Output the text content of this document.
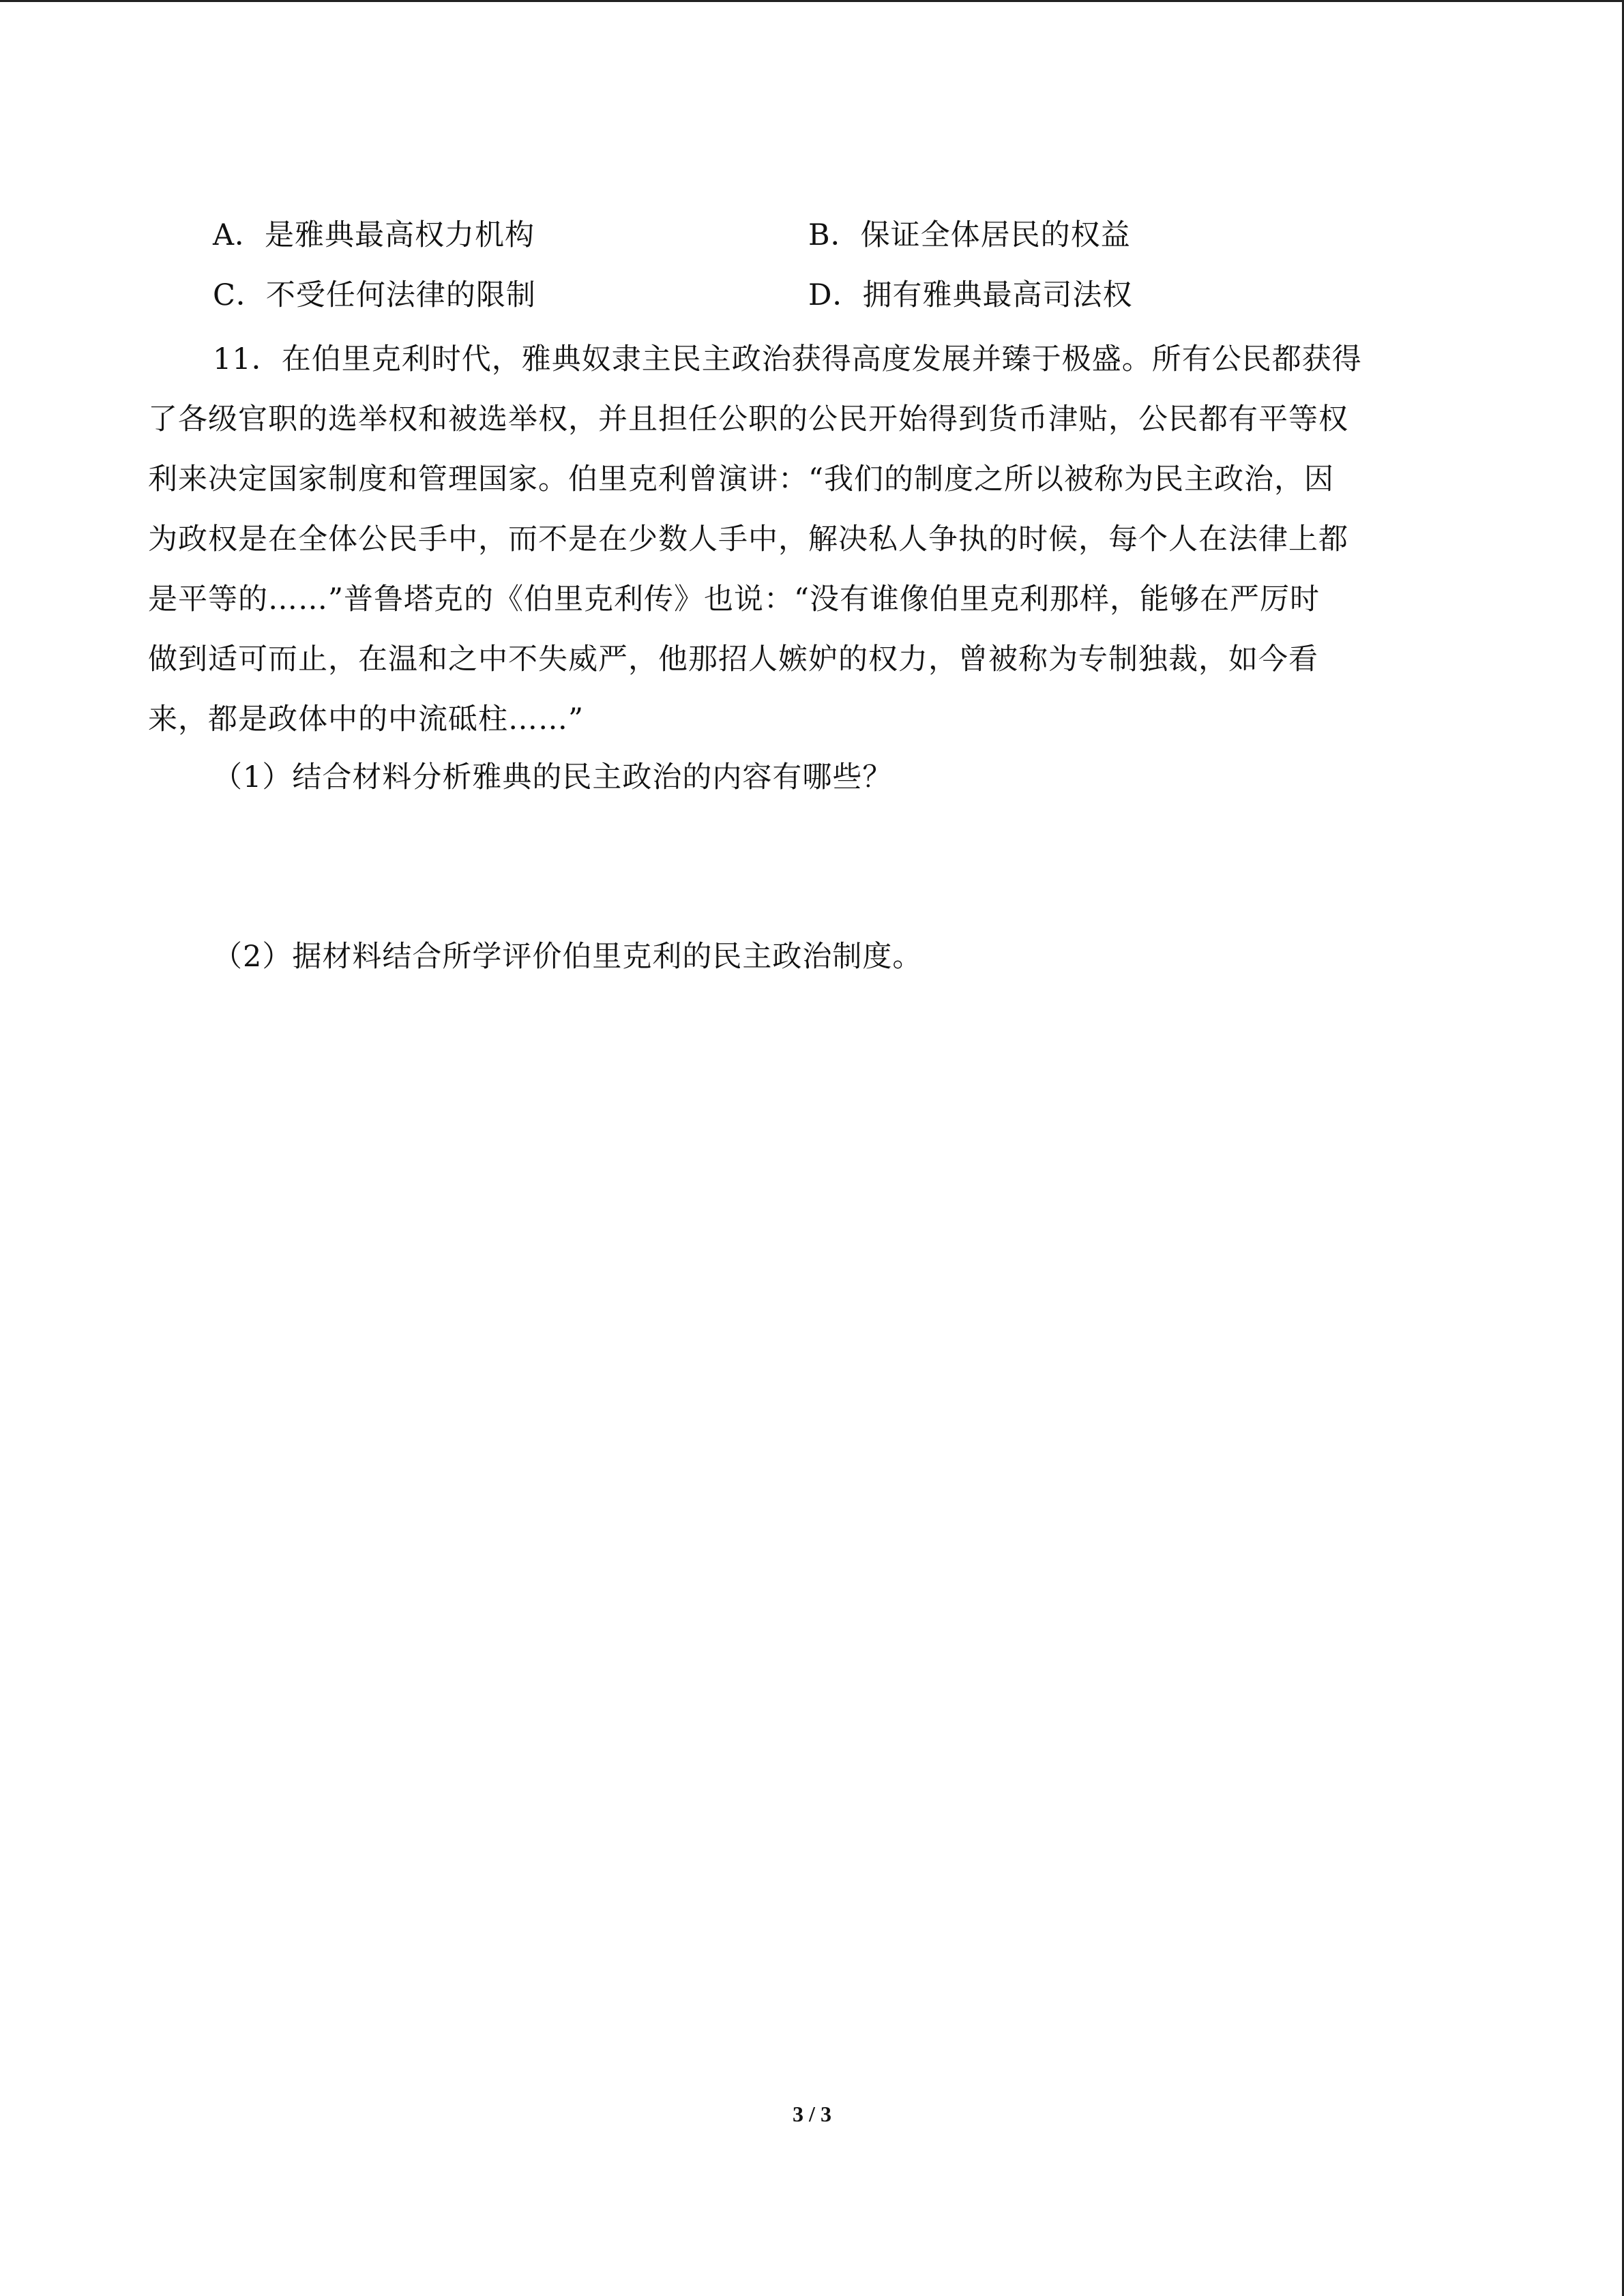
A．是雅典最高权力机构	B．保证全体居民的权益
C．不受任何法律的限制	D．拥有雅典最高司法权
11．在伯里克利时代，雅典奴隶主民主政治获得高度发展并臻于极盛。所有公民都获得
了各级官职的选举权和被选举权，并且担任公职的公民开始得到货币津贴，公民都有平等权
利来决定国家制度和管理国家。伯里克利曾演讲：“我们的制度之所以被称为民主政治，因
为政权是在全体公民手中，而不是在少数人手中，解决私人争执的时候，每个人在法律上都
是平等的……”普鲁塔克的《伯里克利传》也说：“没有谁像伯里克利那样，能够在严厉时
做到适可而止，在温和之中不失威严，他那招人嫉妒的权力，曾被称为专制独裁，如今看
来，都是政体中的中流砥柱……”
（1）结合材料分析雅典的民主政治的内容有哪些？
（2）据材料结合所学评价伯里克利的民主政治制度。
3 / 3
